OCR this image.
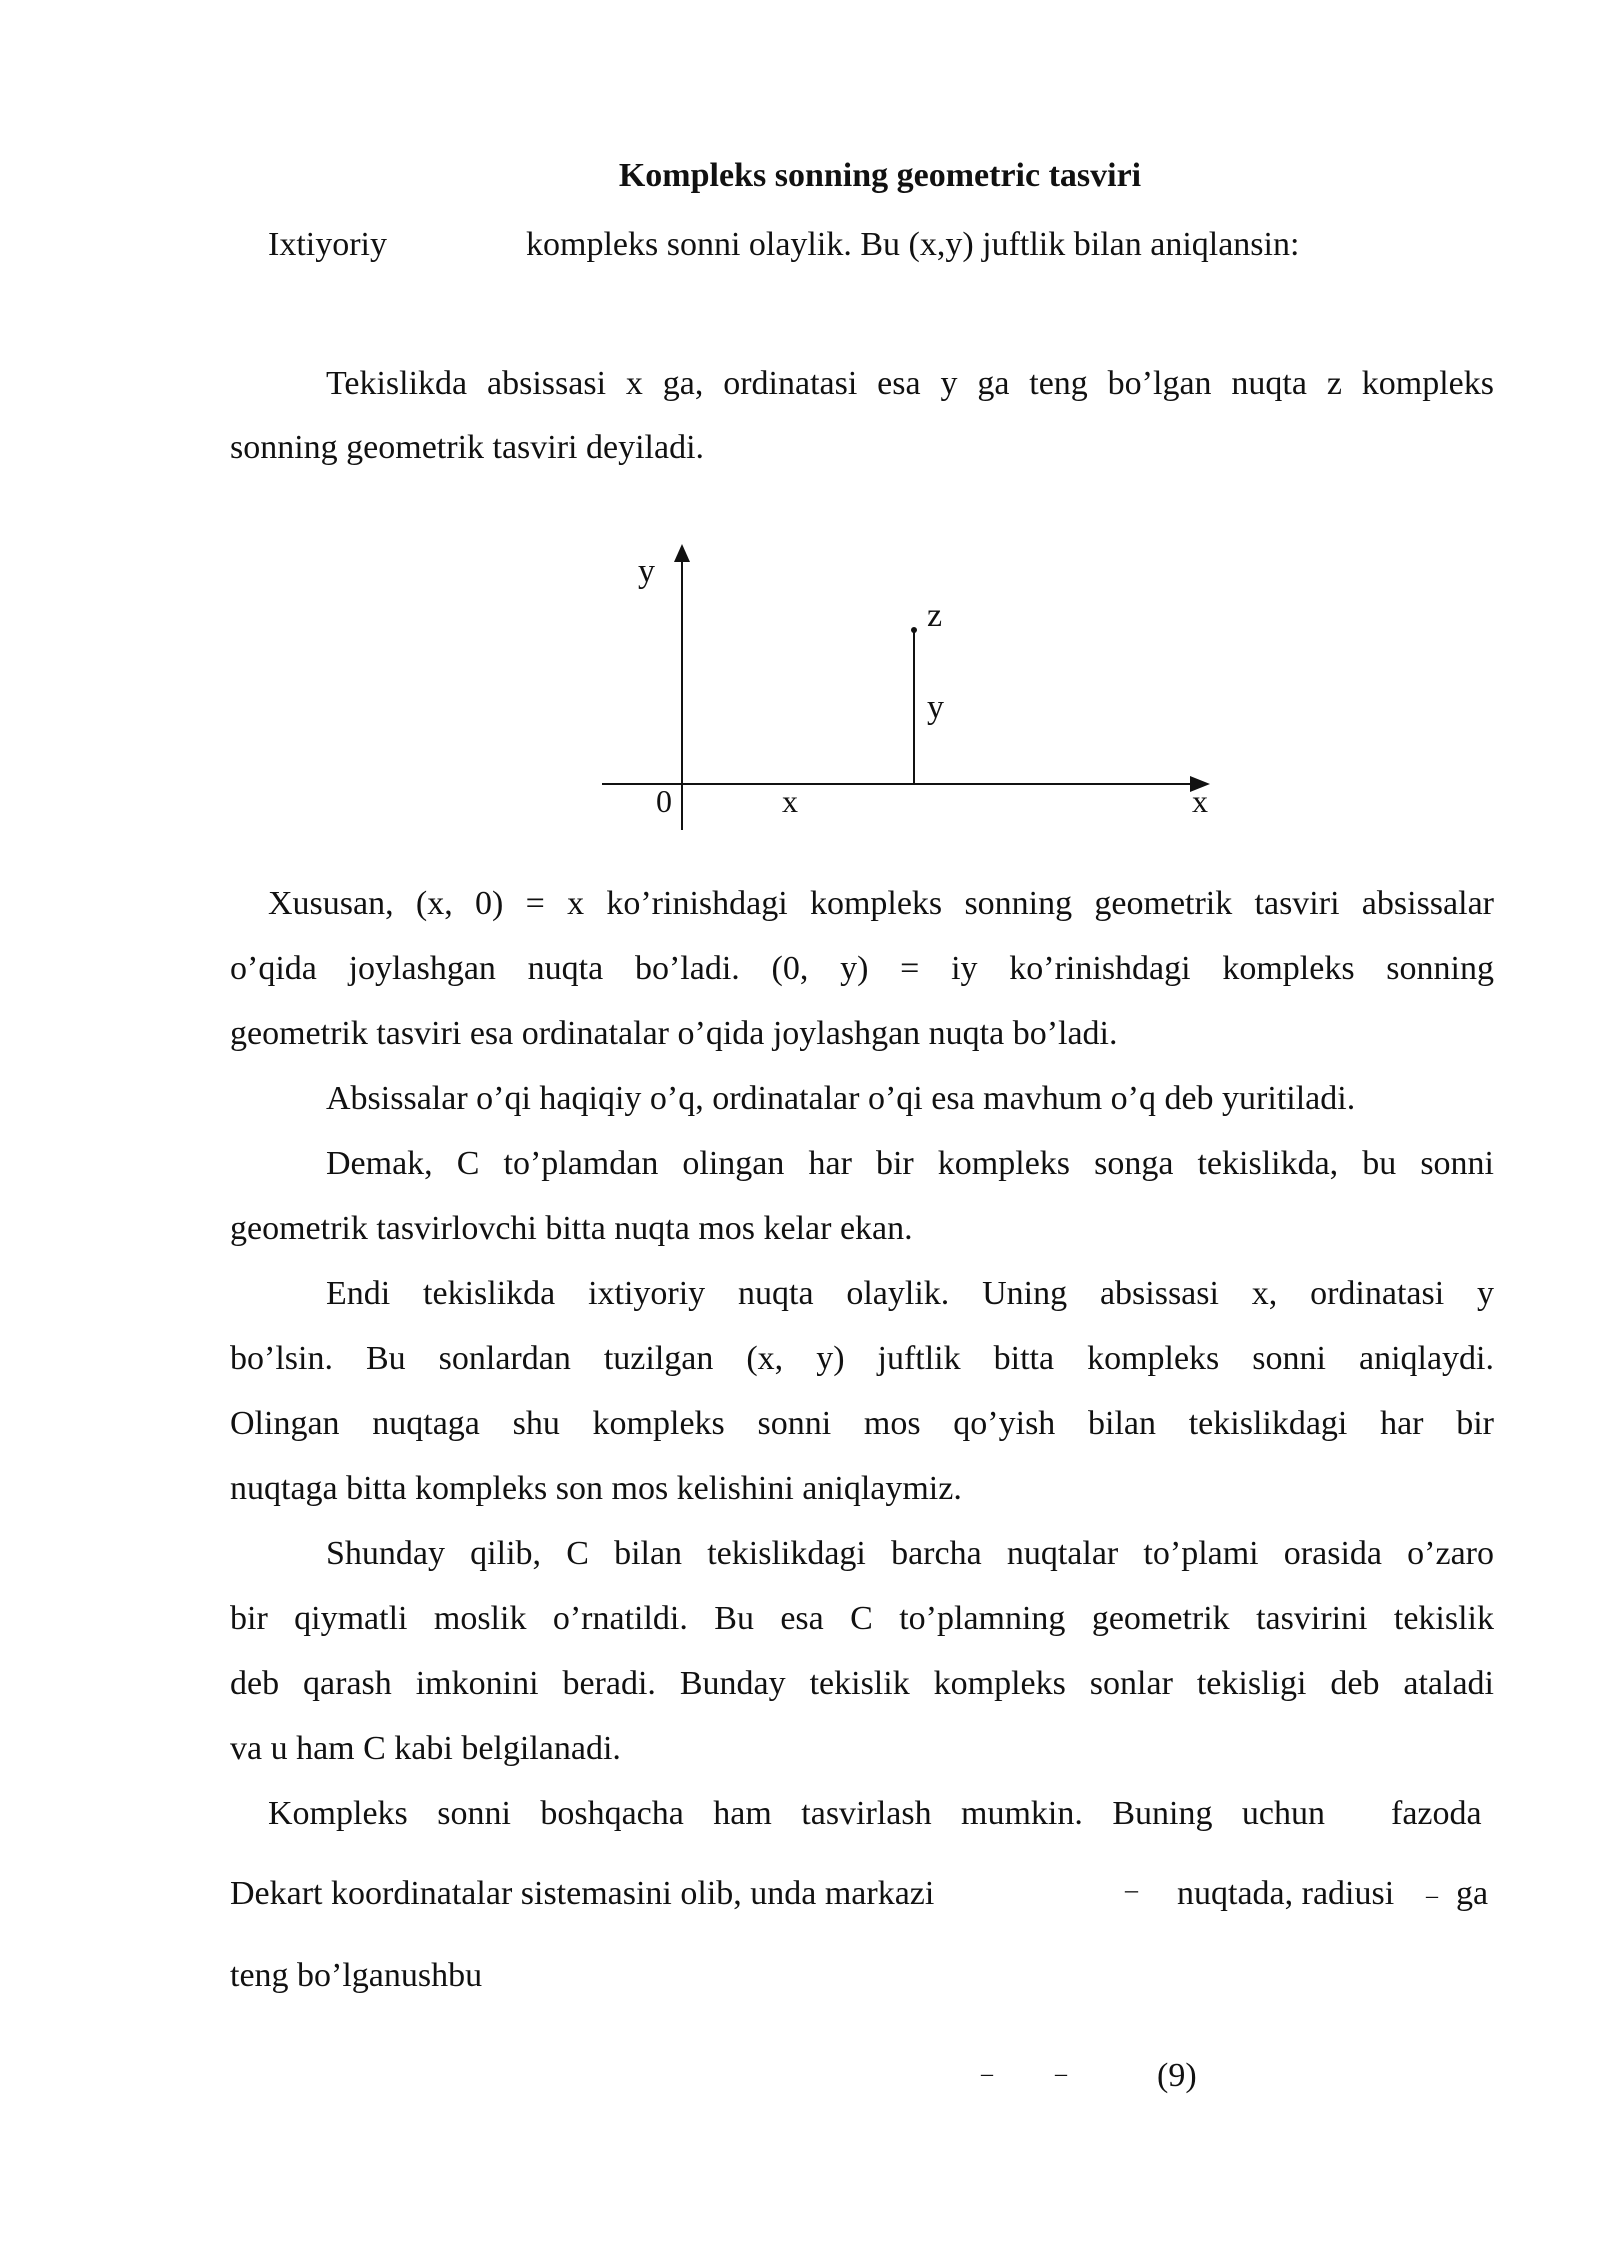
Kompleks sonning geometric tasviri
Ixtiyoriy	kompleks sonni olaylik. Bu (x,y) juftlik bilan aniqlansin:
Tekislikda absissasi x ga, ordinatasi esa y ga teng bo’lgan nuqta z kompleks
sonning geometrik tasviri deyiladi.
y
z
y
0	x	x
Xususan, (x, 0) = x ko’rinishdagi kompleks sonning geometrik tasviri absissalar
o’qida joylashgan nuqta bo’ladi. (0, y) = iy ko’rinishdagi kompleks sonning
geometrik tasviri esa ordinatalar o’qida joylashgan nuqta bo’ladi.
Absissalar o’qi haqiqiy o’q, ordinatalar o’qi esa mavhum o’q deb yuritiladi.
Demak, C to’plamdan olingan har bir kompleks songa tekislikda, bu sonni
geometrik tasvirlovchi bitta nuqta mos kelar ekan.
Endi tekislikda ixtiyoriy nuqta olaylik. Uning absissasi x, ordinatasi y
bo’lsin. Bu sonlardan tuzilgan (x, y) juftlik bitta kompleks sonni aniqlaydi.
Olingan nuqtaga shu kompleks sonni mos qo’yish bilan tekislikdagi har bir
nuqtaga bitta kompleks son mos kelishini aniqlaymiz.
Shunday qilib, C bilan tekislikdagi barcha nuqtalar to’plami orasida o’zaro
bir qiymatli moslik o’rnatildi. Bu esa C to’plamning geometrik tasvirini tekislik
deb qarash imkonini beradi. Bunday tekislik kompleks sonlar tekisligi deb ataladi
va u ham C kabi belgilanadi.
Kompleks sonni boshqacha ham tasvirlash mumkin. Buning uchun fazoda
Dekart koordinatalar sistemasini olib, unda markazi	– nuqtada, radiusi – ga
teng bo’lganushbu
–	–	(9)
